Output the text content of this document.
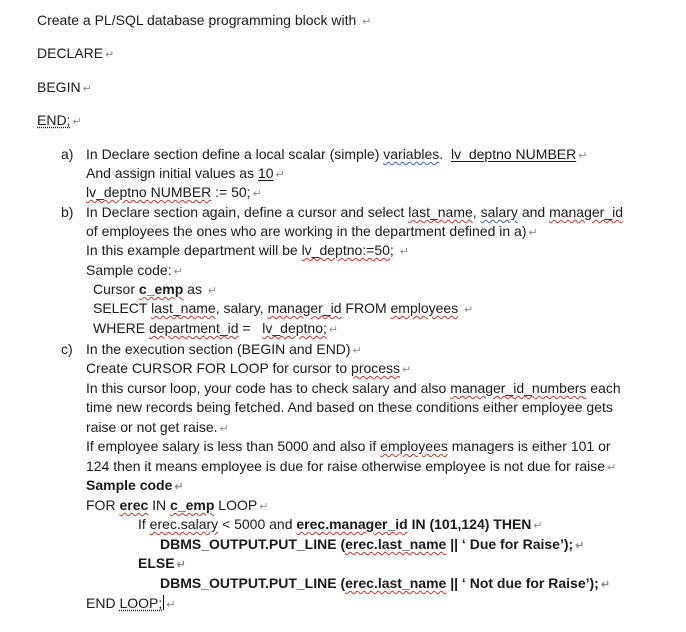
Create a PL/SQL database programming block with ↵
DECLARE ↵
BEGIN ↵
END; ↵
a) In Declare section define a local scalar (simple) variables. lv_deptno NUMBER ↵
And assign initial values as 10 ↵
lv_deptno NUMBER := 50; ↵
b) In Declare section again, define a cursor and select last_name, salary and manager_id
of employees the ones who are working in the department defined in a) ↵
In this example department will be lv_deptno:=50; ↵
Sample code: ↵
Cursor c_emp as ↵
SELECT last_name, salary, manager_id FROM employees ↵
WHERE department_id = lv_deptno; ↵
c) In the execution section (BEGIN and END) ↵
Create CURSOR FOR LOOP for cursor to process ↵
In this cursor loop, your code has to check salary and also manager_id_numbers each
time new records being fetched. And based on these conditions either employee gets
raise or not get raise. ↵
If employee salary is less than 5000 and also if employees managers is either 101 or
124 then it means employee is due for raise otherwise employee is not due for raise ↵
Sample code ↵
FOR erec IN c_emp LOOP ↵
If erec.salary < 5000 and erec.manager_id IN (101,124) THEN ↵
DBMS_OUTPUT.PUT_LINE (erec.last_name || ‘ Due for Raise’); ↵
ELSE ↵
DBMS_OUTPUT.PUT_LINE (erec.last_name || ‘ Not due for Raise’); ↵
END LOOP; ↵
